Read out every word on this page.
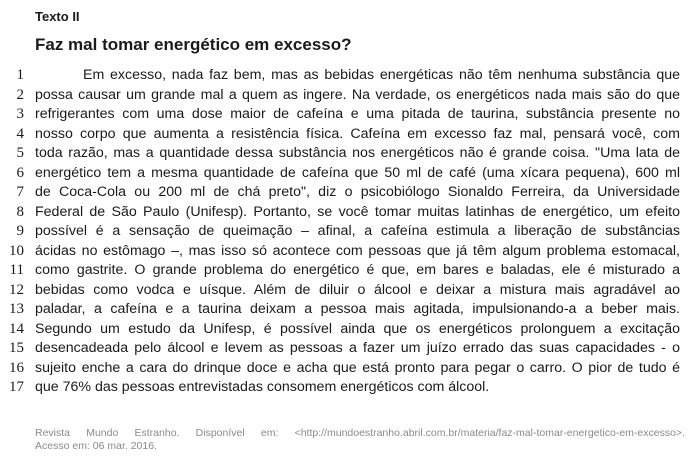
Texto II
Faz mal tomar energético em excesso?
1
2
3
4
5
6
7
8
9
10
11
12
13
14
15
16
17
Em excesso, nada faz bem, mas as bebidas energéticas não têm nenhuma substância que
possa causar um grande mal a quem as ingere. Na verdade, os energéticos nada mais são do que
refrigerantes com uma dose maior de cafeína e uma pitada de taurina, substância presente no
nosso corpo que aumenta a resistência física. Cafeína em excesso faz mal, pensará você, com
toda razão, mas a quantidade dessa substância nos energéticos não é grande coisa. "Uma lata de
energético tem a mesma quantidade de cafeína que 50 ml de café (uma xícara pequena), 600 ml
de Coca-Cola ou 200 ml de chá preto", diz o psicobiólogo Sionaldo Ferreira, da Universidade
Federal de São Paulo (Unifesp). Portanto, se você tomar muitas latinhas de energético, um efeito
possível é a sensação de queimação – afinal, a cafeína estimula a liberação de substâncias
ácidas no estômago –, mas isso só acontece com pessoas que já têm algum problema estomacal,
como gastrite. O grande problema do energético é que, em bares e baladas, ele é misturado a
bebidas como vodca e uísque. Além de diluir o álcool e deixar a mistura mais agradável ao
paladar, a cafeína e a taurina deixam a pessoa mais agitada, impulsionando-a a beber mais.
Segundo um estudo da Unifesp, é possível ainda que os energéticos prolonguem a excitação
desencadeada pelo álcool e levem as pessoas a fazer um juízo errado das suas capacidades - o
sujeito enche a cara do drinque doce e acha que está pronto para pegar o carro. O pior de tudo é
que 76% das pessoas entrevistadas consomem energéticos com álcool.
Revista Mundo Estranho. Disponível em: <http://mundoestranho.abril.com.br/materia/faz-mal-tomar-energetico-em-excesso>.
Acesso em: 06 mar. 2016.
